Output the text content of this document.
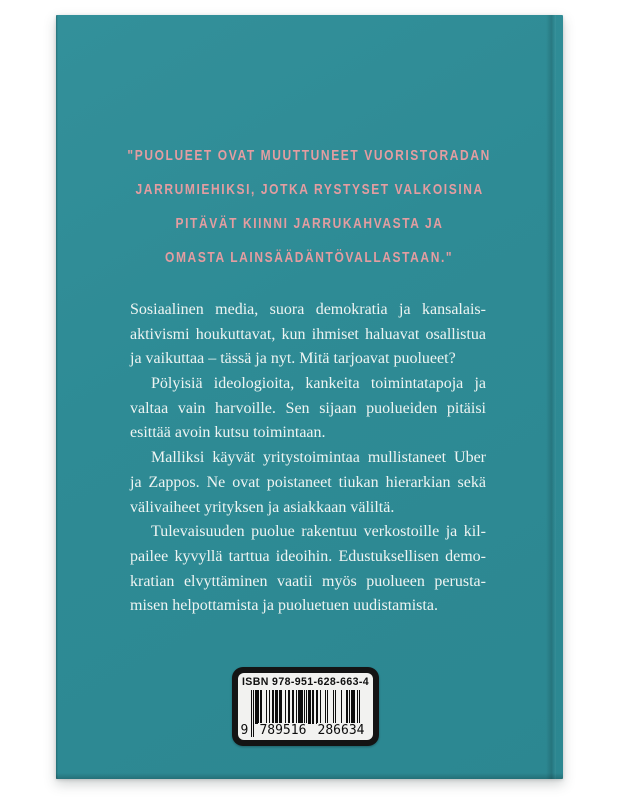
"PUOLUEET OVAT MUUTTUNEET VUORISTORADAN
JARRUMIEHIKSI, JOTKA RYSTYSET VALKOISINA
PITÄVÄT KIINNI JARRUKAHVASTA JA
OMASTA LAINSÄÄDÄNTÖVALLASTAAN."
Sosiaalinen media, suora demokratia ja kansalais-
aktivismi houkuttavat, kun ihmiset haluavat osallistua
ja vaikuttaa – tässä ja nyt. Mitä tarjoavat puolueet?
Pölyisiä ideologioita, kankeita toimintatapoja ja
valtaa vain harvoille. Sen sijaan puolueiden pitäisi
esittää avoin kutsu toimintaan.
Malliksi käyvät yritystoimintaa mullistaneet Uber
ja Zappos. Ne ovat poistaneet tiukan hierarkian sekä
välivaiheet yrityksen ja asiakkaan väliltä.
Tulevaisuuden puolue rakentuu verkostoille ja kil-
pailee kyvyllä tarttua ideoihin. Edustuksellisen demo-
kratian elvyttäminen vaatii myös puolueen perusta-
misen helpottamista ja puoluetuen uudistamista.
ISBN 978-951-628-663-4
9 789516 286634
